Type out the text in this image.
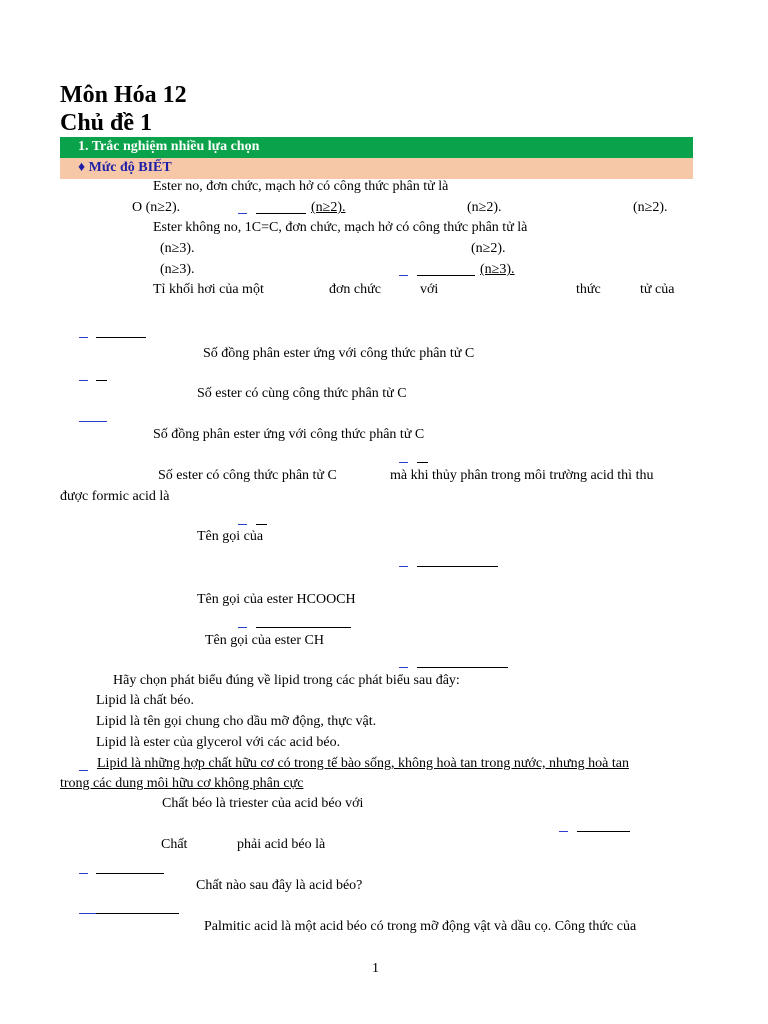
Môn Hóa 12
Chủ đề 1
1. Trắc nghiệm nhiều lựa chọn
♦ Mức độ BIẾT
Ester no, đơn chức, mạch hở có công thức phân tử là
O (n≥2).	(n≥2).	(n≥2).	(n≥2).
Ester không no, 1C=C, đơn chức, mạch hở có công thức phân tử là
(n≥3).	(n≥2).
(n≥3).	(n≥3).
Tỉ khối hơi của một	đơn chức	với	thức	tử của
Số đồng phân ester ứng với công thức phân tử C
Số ester có cùng công thức phân tử C
Số đồng phân ester ứng với công thức phân tử C
Số ester có công thức phân tử C	mà khi thủy phân trong môi trường acid thì thu
được formic acid là
Tên gọi của
Tên gọi của ester HCOOCH
Tên gọi của ester CH
Hãy chọn phát biểu đúng về lipid trong các phát biểu sau đây:
Lipid là chất béo.
Lipid là tên gọi chung cho dầu mỡ động, thực vật.
Lipid là ester của glycerol với các acid béo.
Lipid là những hợp chất hữu cơ có trong tế bào sống, không hoà tan trong nước, nhưng hoà tan
trong các dung môi hữu cơ không phân cực
Chất béo là triester của acid béo với
Chất	phải acid béo là
Chất nào sau đây là acid béo?
Palmitic acid là một acid béo có trong mỡ động vật và dầu cọ. Công thức của
1
